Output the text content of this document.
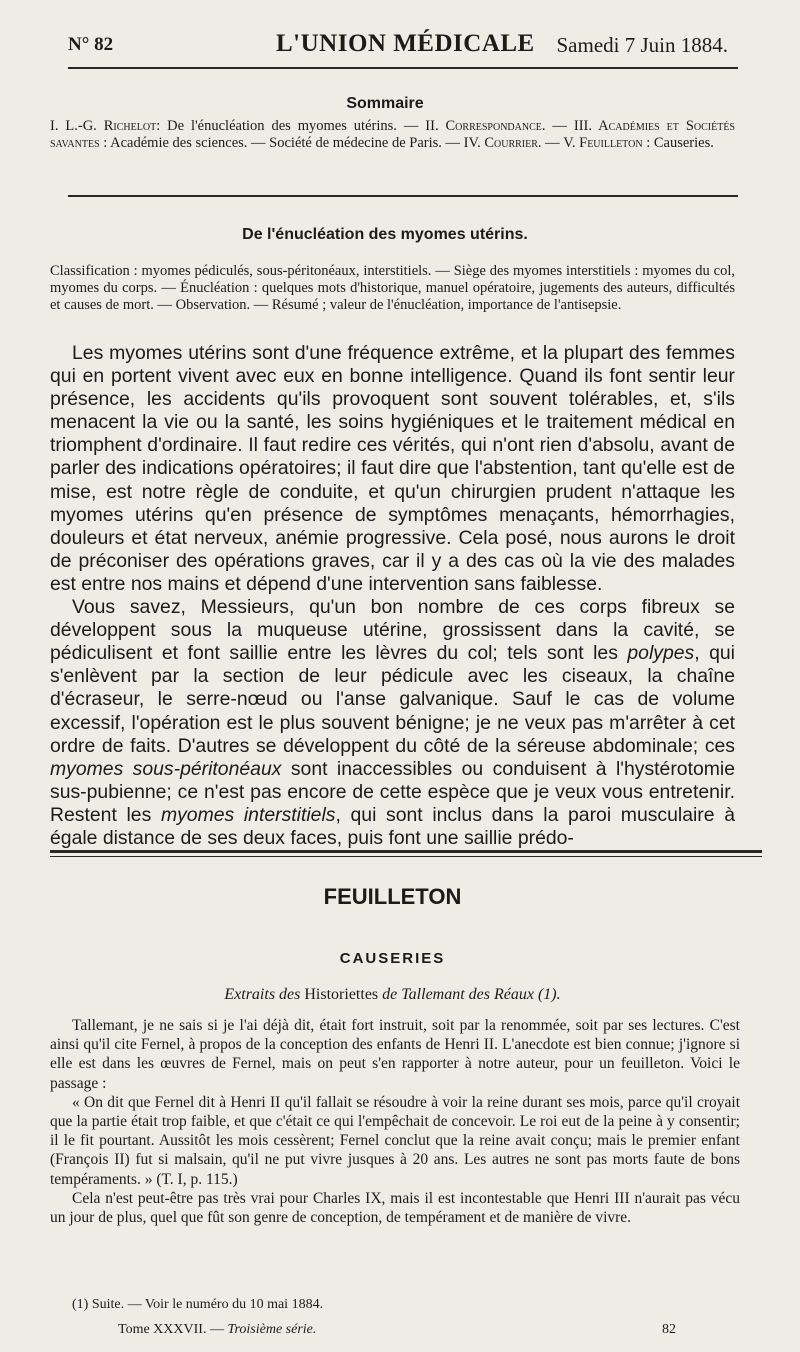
N° 82	L'UNION MÉDICALE Samedi 7 Juin 1884.
Sommaire
I. L.-G. Richelot: De l'énucléation des myomes utérins. — II. Correspondance. — III. Académies et Sociétés savantes : Académie des sciences. — Société de médecine de Paris. — IV. Courrier. — V. Feuilleton : Causeries.
De l'énucléation des myomes utérins.
Classification : myomes pédiculés, sous-péritonéaux, interstitiels. — Siège des myomes interstitiels : myomes du col, myomes du corps. — Énucléation : quelques mots d'historique, manuel opératoire, jugements des auteurs, difficultés et causes de mort. — Observation. — Résumé ; valeur de l'énucléation, importance de l'antisepsie.

Les myomes utérins sont d'une fréquence extrême, et la plupart des femmes qui en portent vivent avec eux en bonne intelligence. Quand ils font sentir leur présence, les accidents qu'ils provoquent sont souvent tolérables, et, s'ils menacent la vie ou la santé, les soins hygiéniques et le traitement médical en triomphent d'ordinaire. Il faut redire ces vérités, qui n'ont rien d'absolu, avant de parler des indications opératoires; il faut dire que l'abstention, tant qu'elle est de mise, est notre règle de conduite, et qu'un chirurgien prudent n'attaque les myomes utérins qu'en présence de symptômes menaçants, hémorrhagies, douleurs et état nerveux, anémie progressive. Cela posé, nous aurons le droit de préconiser des opérations graves, car il y a des cas où la vie des malades est entre nos mains et dépend d'une intervention sans faiblesse.

Vous savez, Messieurs, qu'un bon nombre de ces corps fibreux se développent sous la muqueuse utérine, grossissent dans la cavité, se pédiculisent et font saillie entre les lèvres du col; tels sont les polypes, qui s'enlèvent par la section de leur pédicule avec les ciseaux, la chaîne d'écraseur, le serre-nœud ou l'anse galvanique. Sauf le cas de volume excessif, l'opération est le plus souvent bénigne; je ne veux pas m'arrêter à cet ordre de faits. D'autres se développent du côté de la séreuse abdominale; ces myomes sous-péritonéaux sont inaccessibles ou conduisent à l'hystérotomie sus-pubienne; ce n'est pas encore de cette espèce que je veux vous entretenir. Restent les myomes interstitiels, qui sont inclus dans la paroi musculaire à égale distance de ses deux faces, puis font une saillie prédo-

FEUILLETON
CAUSERIES
Extraits des Historiettes de Tallemant des Réaux (1).

Tallemant, je ne sais si je l'ai déjà dit, était fort instruit, soit par la renommée, soit par ses lectures. C'est ainsi qu'il cite Fernel, à propos de la conception des enfants de Henri II. L'anecdote est bien connue; j'ignore si elle est dans les œuvres de Fernel, mais on peut s'en rapporter à notre auteur, pour un feuilleton. Voici le passage :

« On dit que Fernel dit à Henri II qu'il fallait se résoudre à voir la reine durant ses mois, parce qu'il croyait que la partie était trop faible, et que c'était ce qui l'empêchait de concevoir. Le roi eut de la peine à y consentir; il le fit pourtant. Aussitôt les mois cessèrent; Fernel conclut que la reine avait conçu; mais le premier enfant (François II) fut si malsain, qu'il ne put vivre jusques à 20 ans. Les autres ne sont pas morts faute de bons tempéraments. » (T. I, p. 115.)

Cela n'est peut-être pas très vrai pour Charles IX, mais il est incontestable que Henri III n'aurait pas vécu un jour de plus, quel que fût son genre de conception, de tempérament et de manière de vivre.

(1) Suite. — Voir le numéro du 10 mai 1884.
Tome XXXVII. — Troisième série.	82
